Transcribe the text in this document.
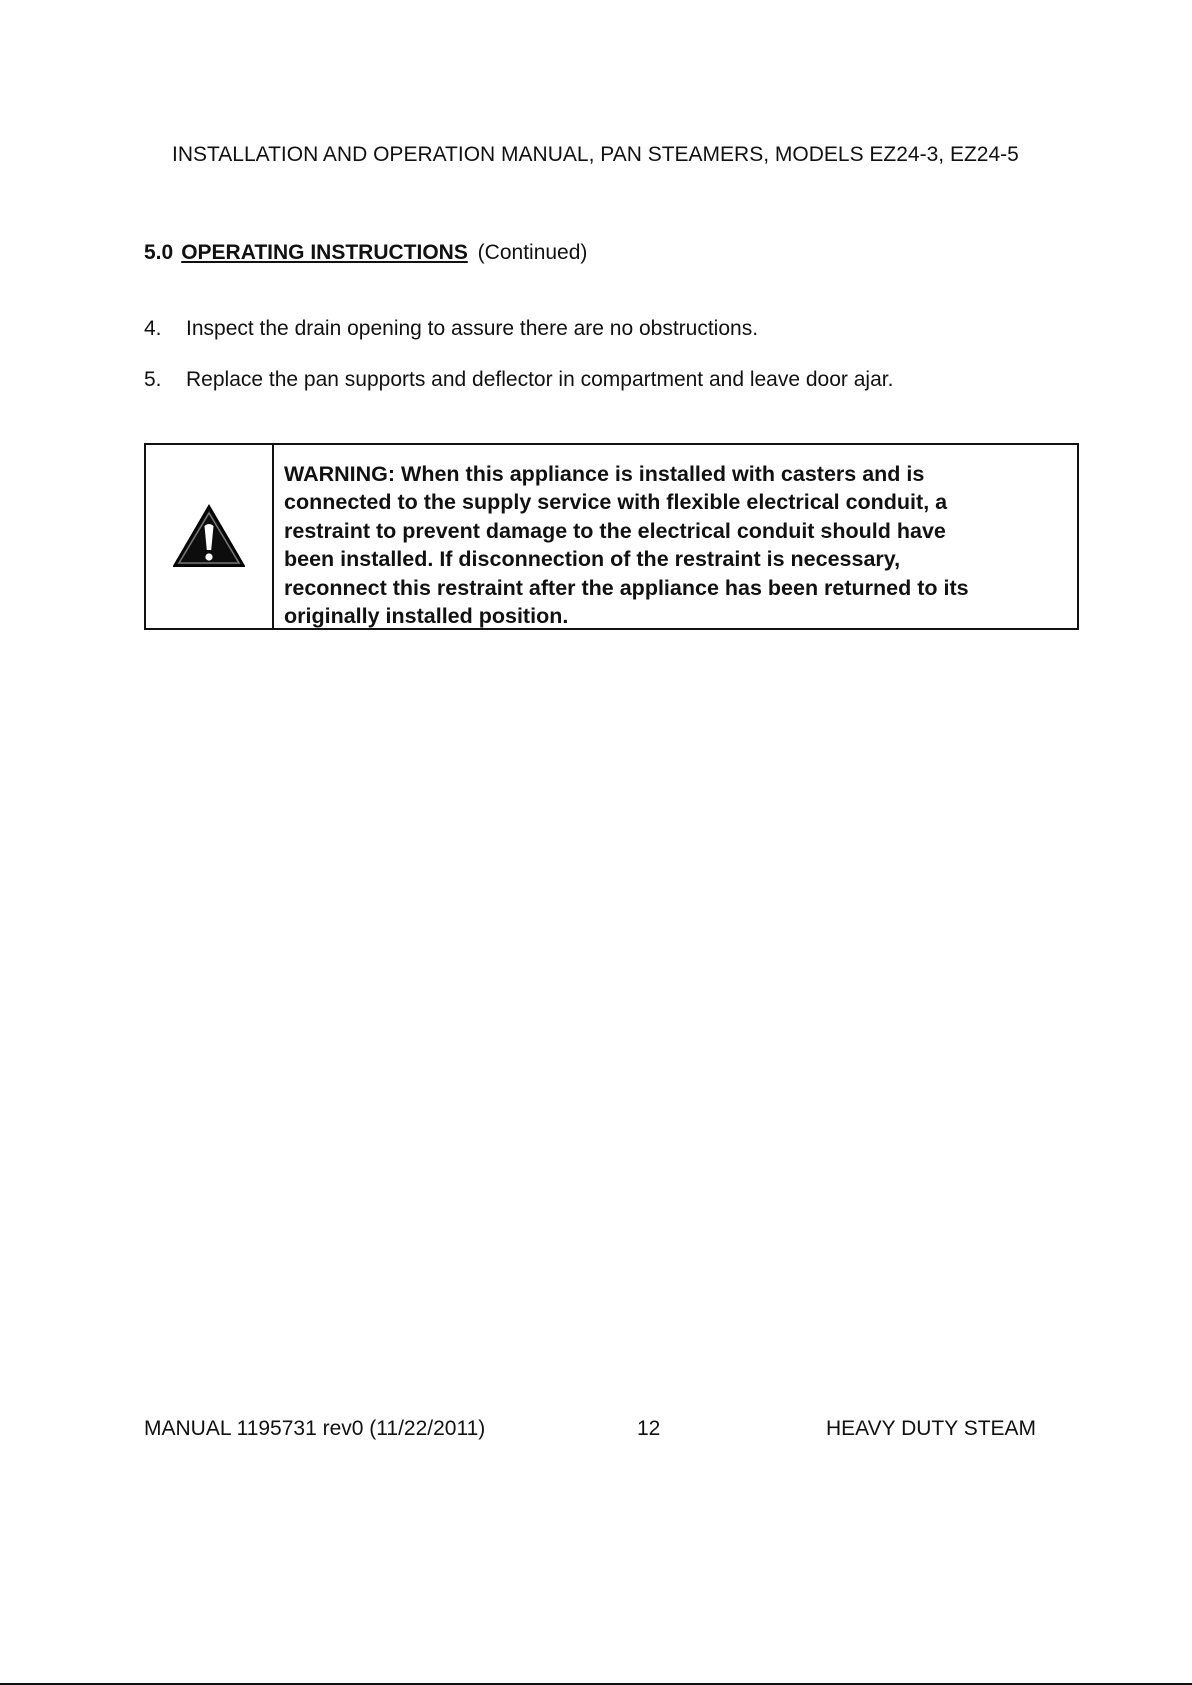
INSTALLATION AND OPERATION MANUAL, PAN STEAMERS, MODELS EZ24-3, EZ24-5
5.0 OPERATING INSTRUCTIONS (Continued)
4. Inspect the drain opening to assure there are no obstructions.
5. Replace the pan supports and deflector in compartment and leave door ajar.
WARNING: When this appliance is installed with casters and is
connected to the supply service with flexible electrical conduit, a
restraint to prevent damage to the electrical conduit should have
been installed. If disconnection of the restraint is necessary,
reconnect this restraint after the appliance has been returned to its
originally installed position.
MANUAL 1195731 rev0 (11/22/2011)	12	HEAVY DUTY STEAM
